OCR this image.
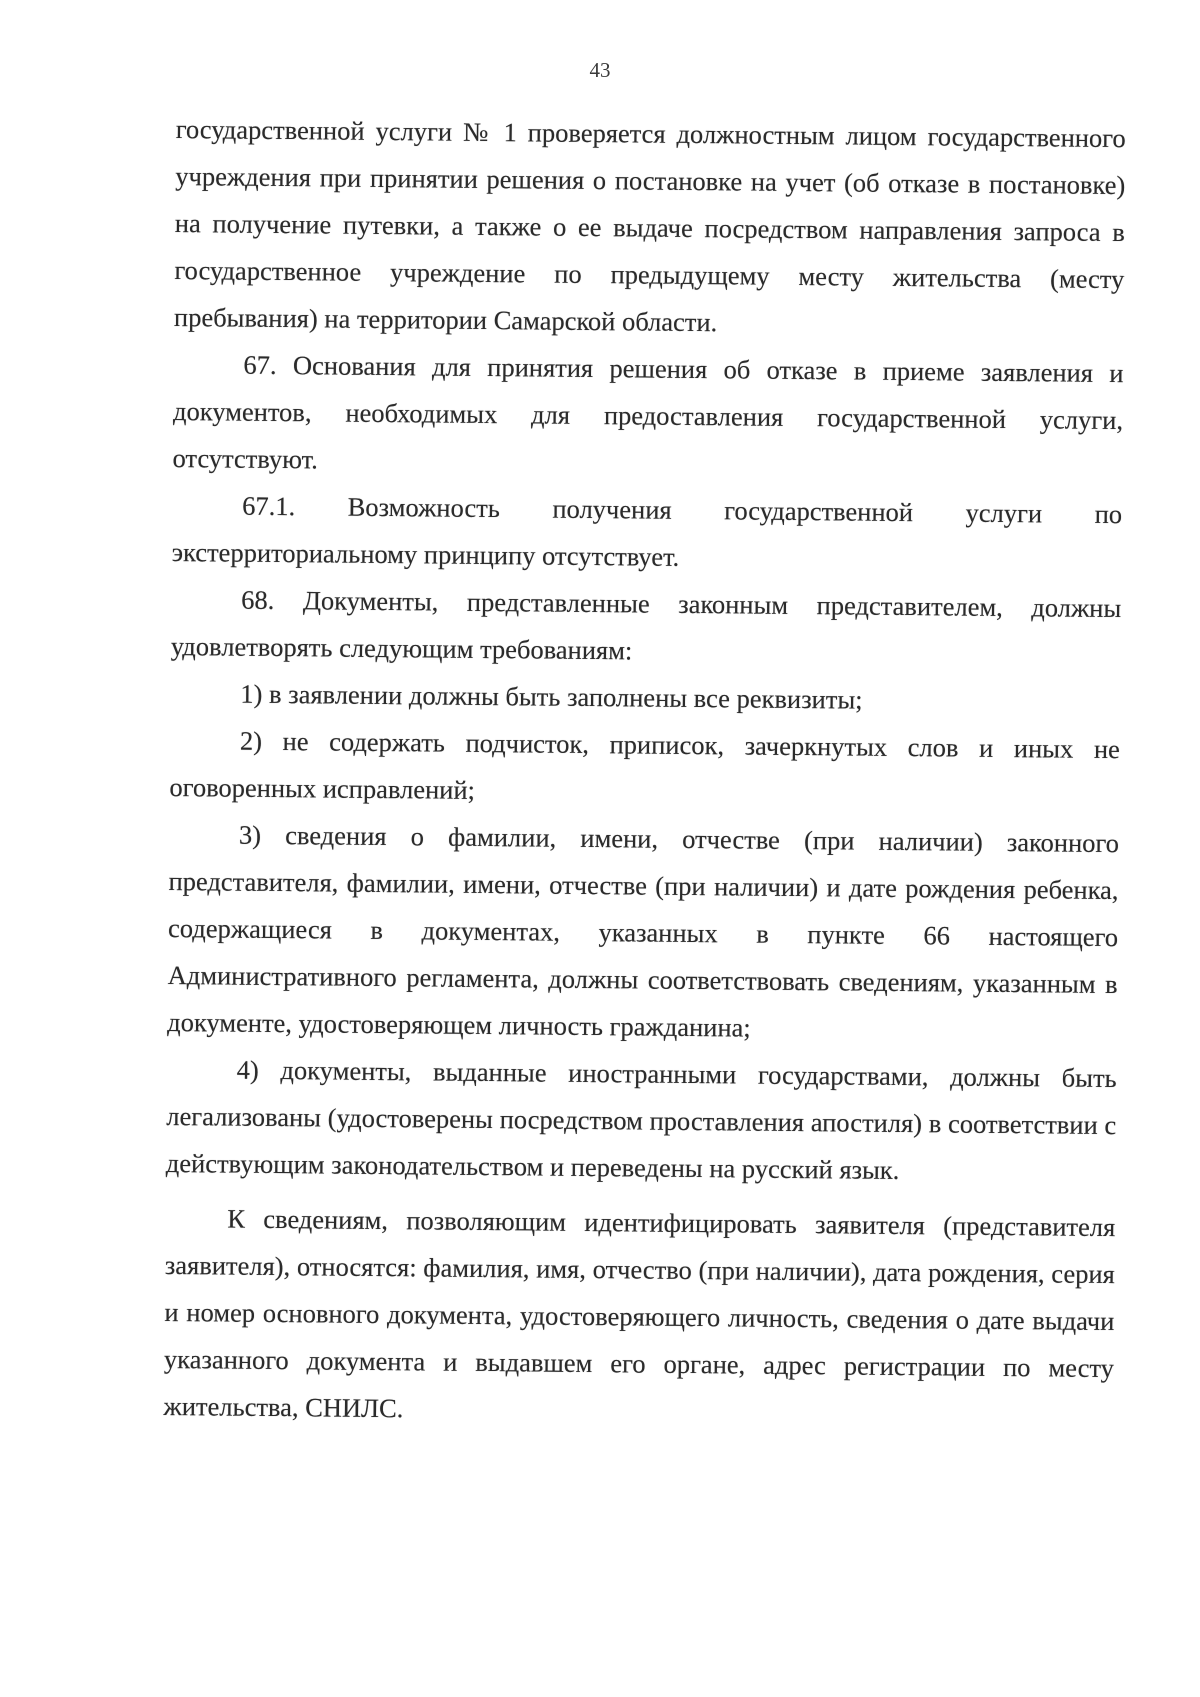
43

государственной услуги № 1 проверяется должностным лицом государственного учреждения при принятии решения о постановке на учет (об отказе в постановке) на получение путевки, а также о ее выдаче посредством направления запроса в государственное учреждение по предыдущему месту жительства (месту пребывания) на территории Самарской области.

67. Основания для принятия решения об отказе в приеме заявления и документов, необходимых для предоставления государственной услуги, отсутствуют.

67.1. Возможность получения государственной услуги по экстерриториальному принципу отсутствует.

68. Документы, представленные законным представителем, должны удовлетворять следующим требованиям:

1) в заявлении должны быть заполнены все реквизиты;

2) не содержать подчисток, приписок, зачеркнутых слов и иных не оговоренных исправлений;

3) сведения о фамилии, имени, отчестве (при наличии) законного представителя, фамилии, имени, отчестве (при наличии) и дате рождения ребенка, содержащиеся в документах, указанных в пункте 66 настоящего Административного регламента, должны соответствовать сведениям, указанным в документе, удостоверяющем личность гражданина;

4) документы, выданные иностранными государствами, должны быть легализованы (удостоверены посредством проставления апостиля) в соответствии с действующим законодательством и переведены на русский язык.

К сведениям, позволяющим идентифицировать заявителя (представителя заявителя), относятся: фамилия, имя, отчество (при наличии), дата рождения, серия и номер основного документа, удостоверяющего личность, сведения о дате выдачи указанного документа и выдавшем его органе, адрес регистрации по месту жительства, СНИЛС.
